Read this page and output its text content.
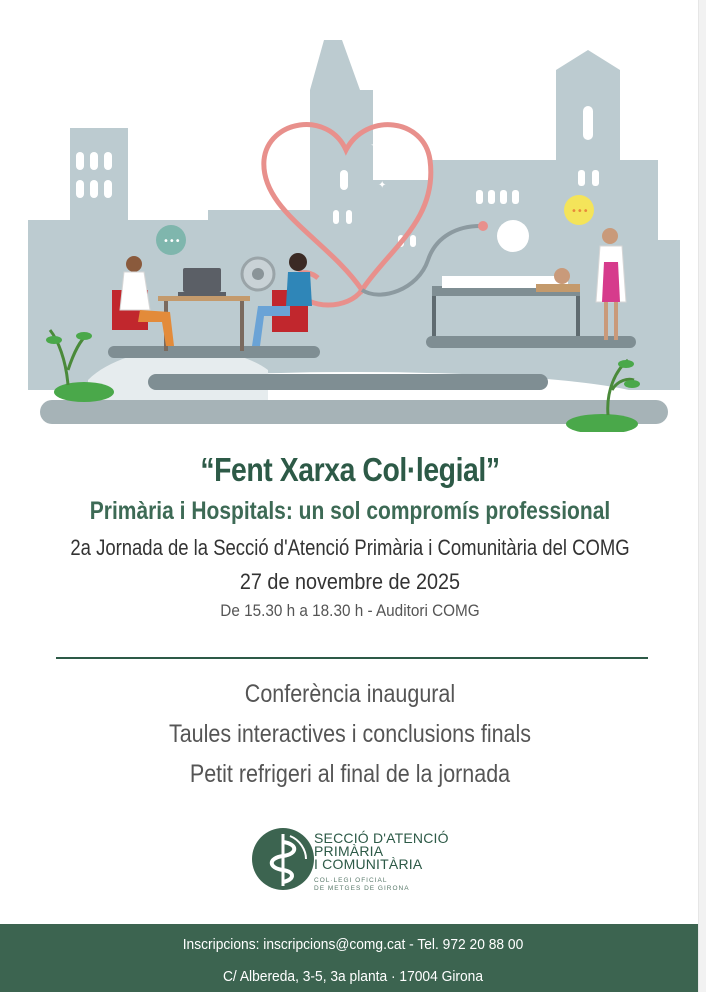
✦
✦
•••
•••
“Fent Xarxa Col·legial”
Primària i Hospitals: un sol compromís professional
2a Jornada de la Secció d'Atenció Primària i Comunitària del COMG
27 de novembre de 2025
De 15.30 h a 18.30 h - Auditori COMG
Conferència inaugural
Taules interactives i conclusions finals
Petit refrigeri al final de la jornada
SECCIÓ D'ATENCIÓ
PRIMÀRIA
I COMUNITÀRIA
COL·LEGI OFICIAL
DE METGES DE GIRONA
Inscripcions: inscripcions@comg.cat - Tel. 972 20 88 00
C/ Albereda, 3-5, 3a planta · 17004 Girona
